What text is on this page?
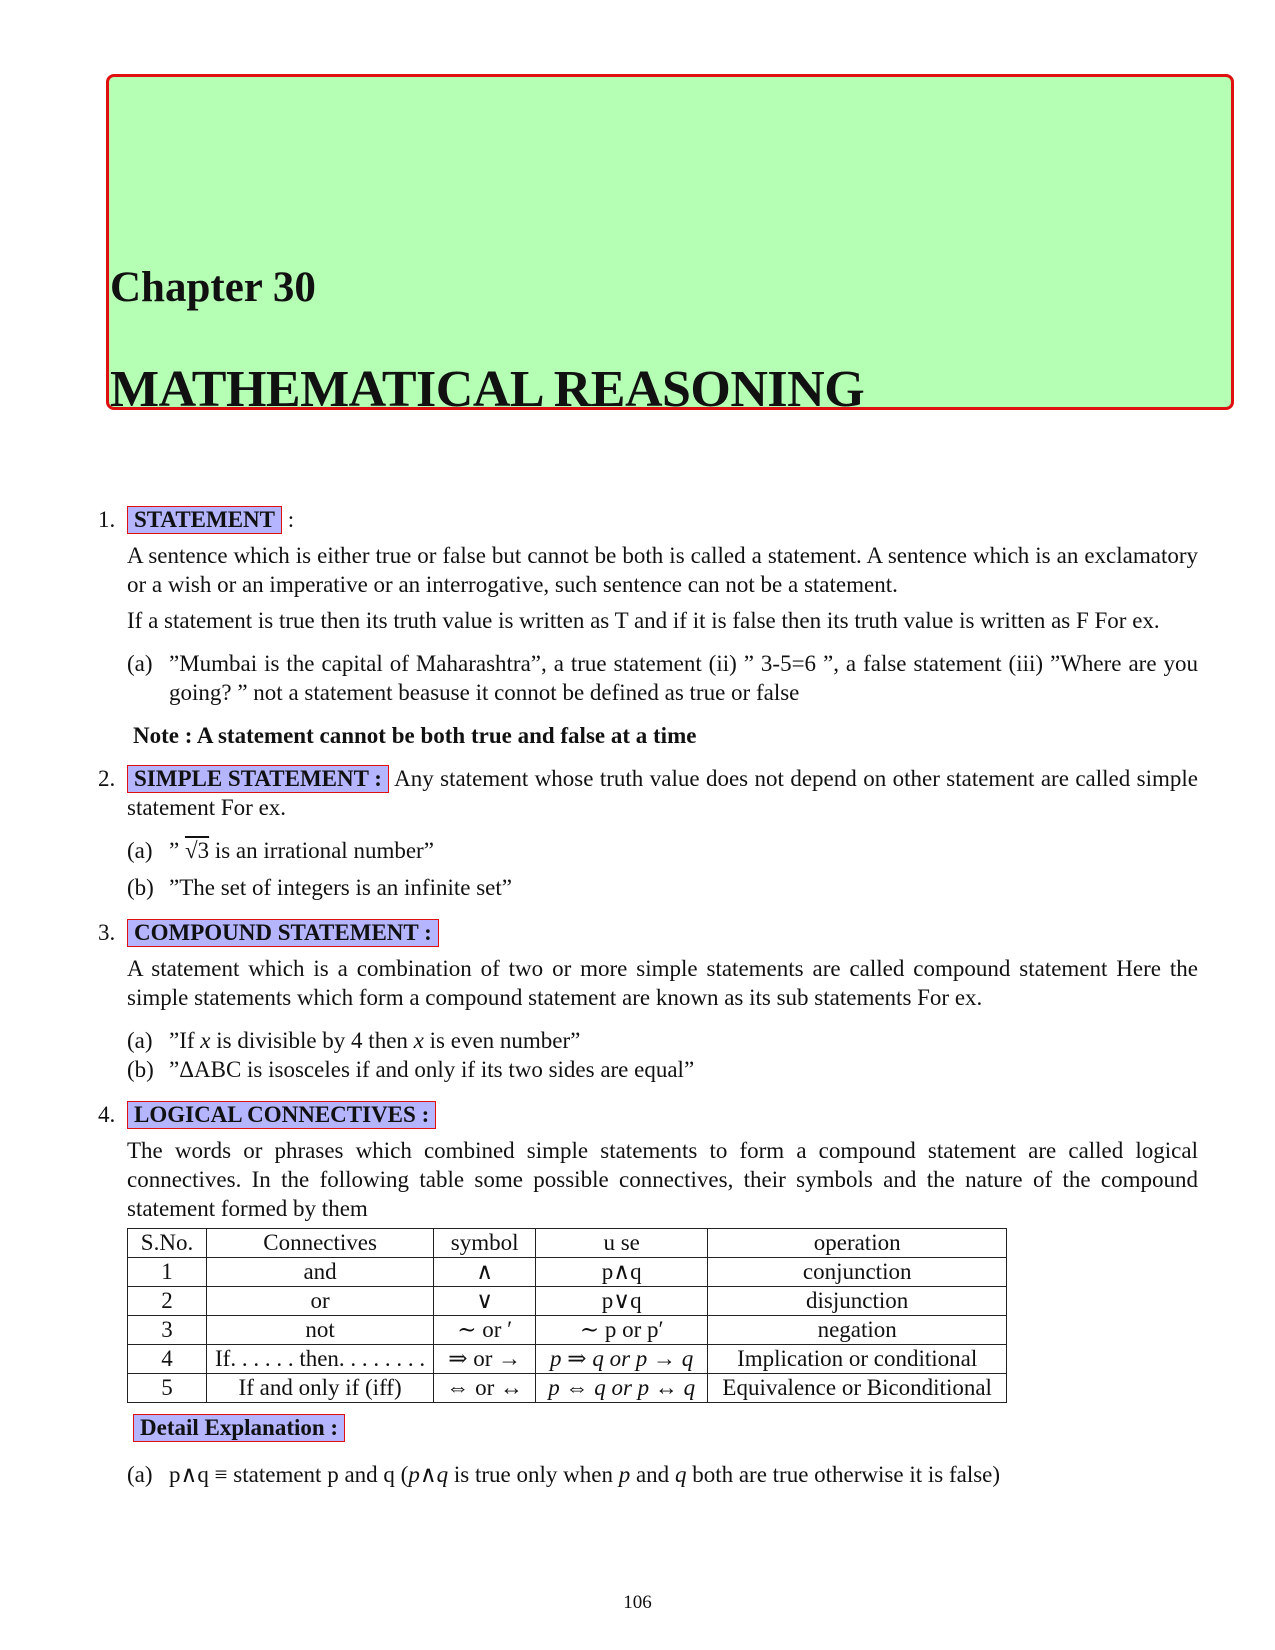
Chapter 30
MATHEMATICAL REASONING
1. STATEMENT :

A sentence which is either true or false but cannot be both is called a statement. A sentence which is an exclamatory or a wish or an imperative or an interrogative, such sentence can not be a statement.

If a statement is true then its truth value is written as T and if it is false then its truth value is written as F For ex.

(a) ”Mumbai is the capital of Maharashtra”, a true statement (ii) ” 3-5=6 ”, a false statement (iii) ”Where are you going? ” not a statement beasuse it connot be defined as true or false
Note : A statement cannot be both true and false at a time
2. SIMPLE STATEMENT : Any statement whose truth value does not depend on other statement are called simple statement For ex.

(a) ” √3 is an irrational number”
(b) ”The set of integers is an infinite set”
3. COMPOUND STATEMENT :

A statement which is a combination of two or more simple statements are called compound statement Here the simple statements which form a compound statement are known as its sub statements For ex.

(a) ”If x is divisible by 4 then x is even number”
(b) ”ΔABC is isosceles if and only if its two sides are equal”
4. LOGICAL CONNECTIVES :

The words or phrases which combined simple statements to form a compound statement are called logical connectives. In the following table some possible connectives, their symbols and the nature of the compound statement formed by them

S.No.	Connectives	symbol	u se	operation
1	and	∧	p∧q	conjunction
2	or	∨	p∨q	disjunction
3	not	∼ or ′	∼ p or p′	negation
4	If. . . . . . then. . . . . . . .	⇒ or →	p ⇒ q or p → q	Implication or conditional
5	If and only if (iff)	⇔ or ↔	p ⇔ q or p ↔ q	Equivalence or Biconditional
Detail Explanation :
(a) p∧q ≡ statement p and q (p∧q is true only when p and q both are true otherwise it is false)
106
